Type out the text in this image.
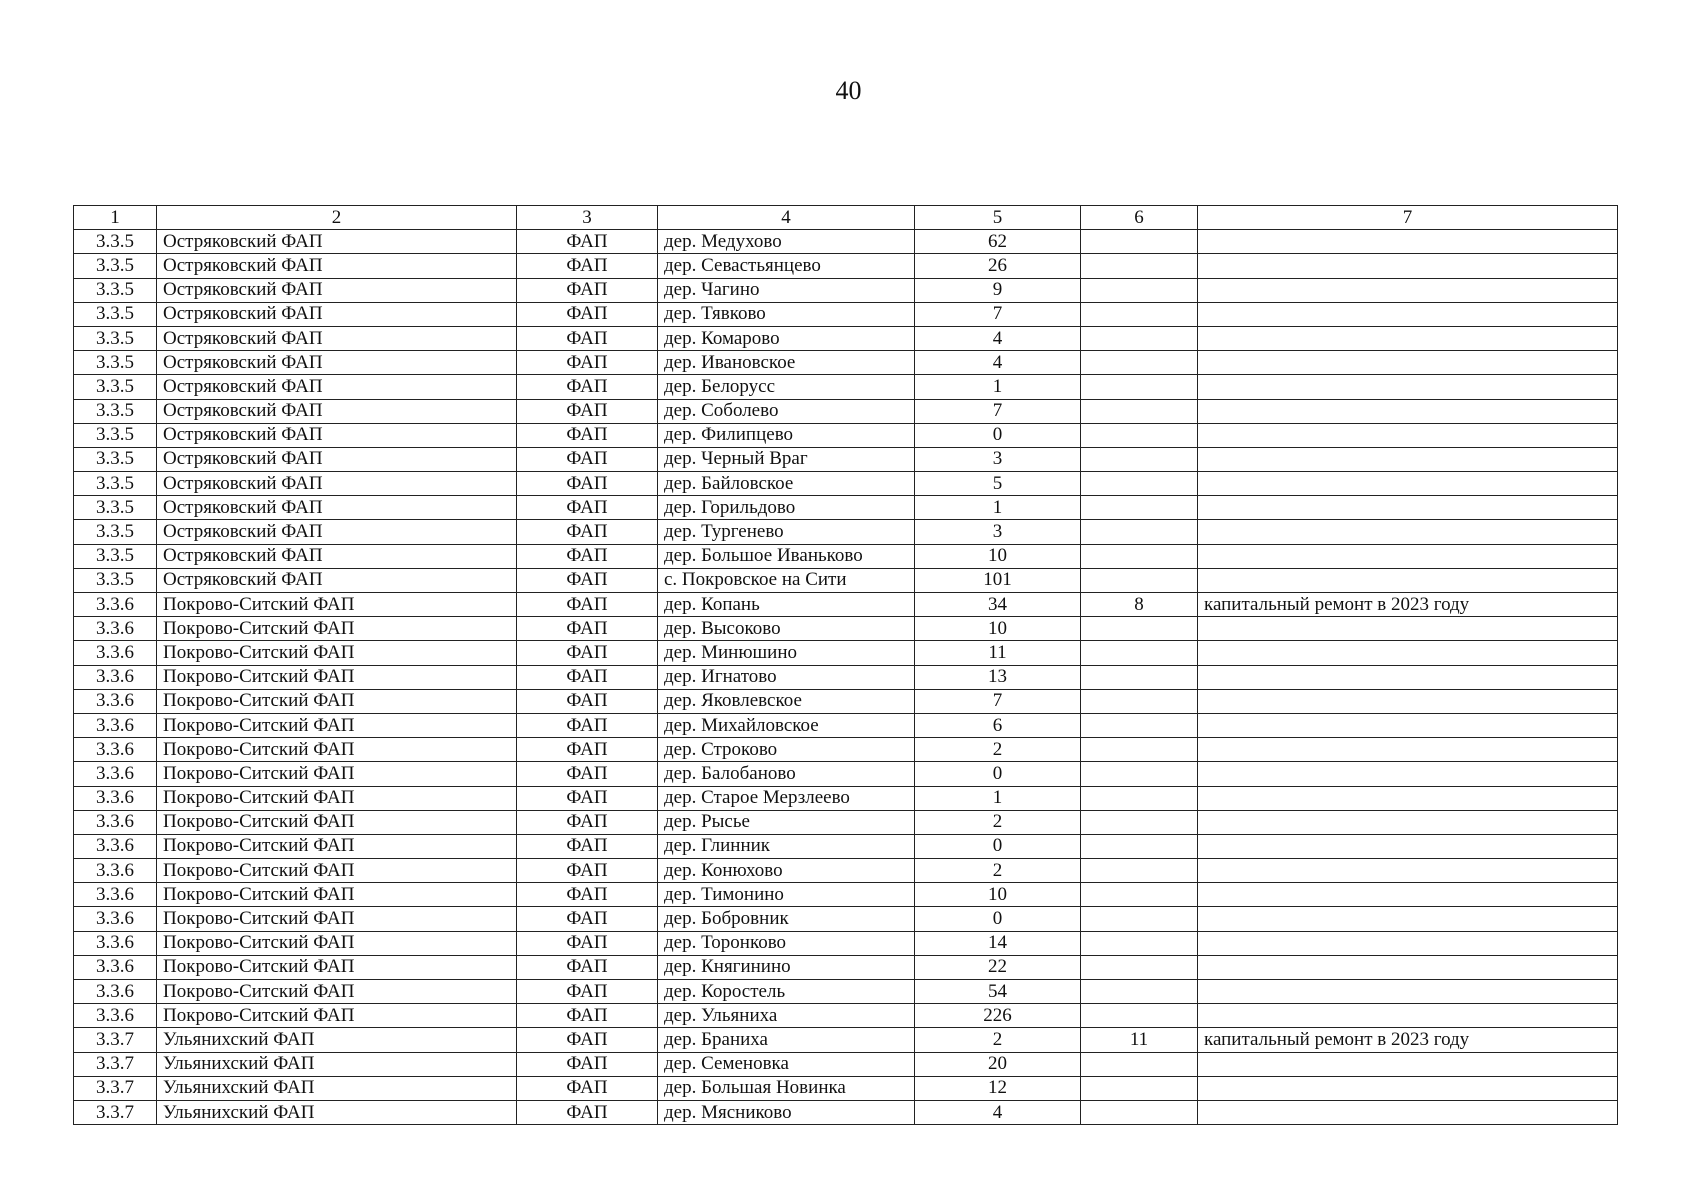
40
1	2	3	4	5	6	7
3.3.5	Остряковский ФАП	ФАП	дер. Медухово	62		
3.3.5	Остряковский ФАП	ФАП	дер. Севастьянцево	26		
3.3.5	Остряковский ФАП	ФАП	дер. Чагино	9		
3.3.5	Остряковский ФАП	ФАП	дер. Тявково	7		
3.3.5	Остряковский ФАП	ФАП	дер. Комарово	4		
3.3.5	Остряковский ФАП	ФАП	дер. Ивановское	4		
3.3.5	Остряковский ФАП	ФАП	дер. Белорусс	1		
3.3.5	Остряковский ФАП	ФАП	дер. Соболево	7		
3.3.5	Остряковский ФАП	ФАП	дер. Филипцево	0		
3.3.5	Остряковский ФАП	ФАП	дер. Черный Враг	3		
3.3.5	Остряковский ФАП	ФАП	дер. Байловское	5		
3.3.5	Остряковский ФАП	ФАП	дер. Горильдово	1		
3.3.5	Остряковский ФАП	ФАП	дер. Тургенево	3		
3.3.5	Остряковский ФАП	ФАП	дер. Большое Иваньково	10		
3.3.5	Остряковский ФАП	ФАП	с. Покровское на Сити	101		
3.3.6	Покрово-Ситский ФАП	ФАП	дер. Копань	34	8	капитальный ремонт в 2023 году
3.3.6	Покрово-Ситский ФАП	ФАП	дер. Высоково	10		
3.3.6	Покрово-Ситский ФАП	ФАП	дер. Минюшино	11		
3.3.6	Покрово-Ситский ФАП	ФАП	дер. Игнатово	13		
3.3.6	Покрово-Ситский ФАП	ФАП	дер. Яковлевское	7		
3.3.6	Покрово-Ситский ФАП	ФАП	дер. Михайловское	6		
3.3.6	Покрово-Ситский ФАП	ФАП	дер. Строково	2		
3.3.6	Покрово-Ситский ФАП	ФАП	дер. Балобаново	0		
3.3.6	Покрово-Ситский ФАП	ФАП	дер. Старое Мерзлеево	1		
3.3.6	Покрово-Ситский ФАП	ФАП	дер. Рысье	2		
3.3.6	Покрово-Ситский ФАП	ФАП	дер. Глинник	0		
3.3.6	Покрово-Ситский ФАП	ФАП	дер. Конюхово	2		
3.3.6	Покрово-Ситский ФАП	ФАП	дер. Тимонино	10		
3.3.6	Покрово-Ситский ФАП	ФАП	дер. Бобровник	0		
3.3.6	Покрово-Ситский ФАП	ФАП	дер. Торонково	14		
3.3.6	Покрово-Ситский ФАП	ФАП	дер. Княгинино	22		
3.3.6	Покрово-Ситский ФАП	ФАП	дер. Коростель	54		
3.3.6	Покрово-Ситский ФАП	ФАП	дер. Ульяниха	226		
3.3.7	Ульянихский ФАП	ФАП	дер. Браниха	2	11	капитальный ремонт в 2023 году
3.3.7	Ульянихский ФАП	ФАП	дер. Семеновка	20		
3.3.7	Ульянихский ФАП	ФАП	дер. Большая Новинка	12		
3.3.7	Ульянихский ФАП	ФАП	дер. Мясниково	4		
